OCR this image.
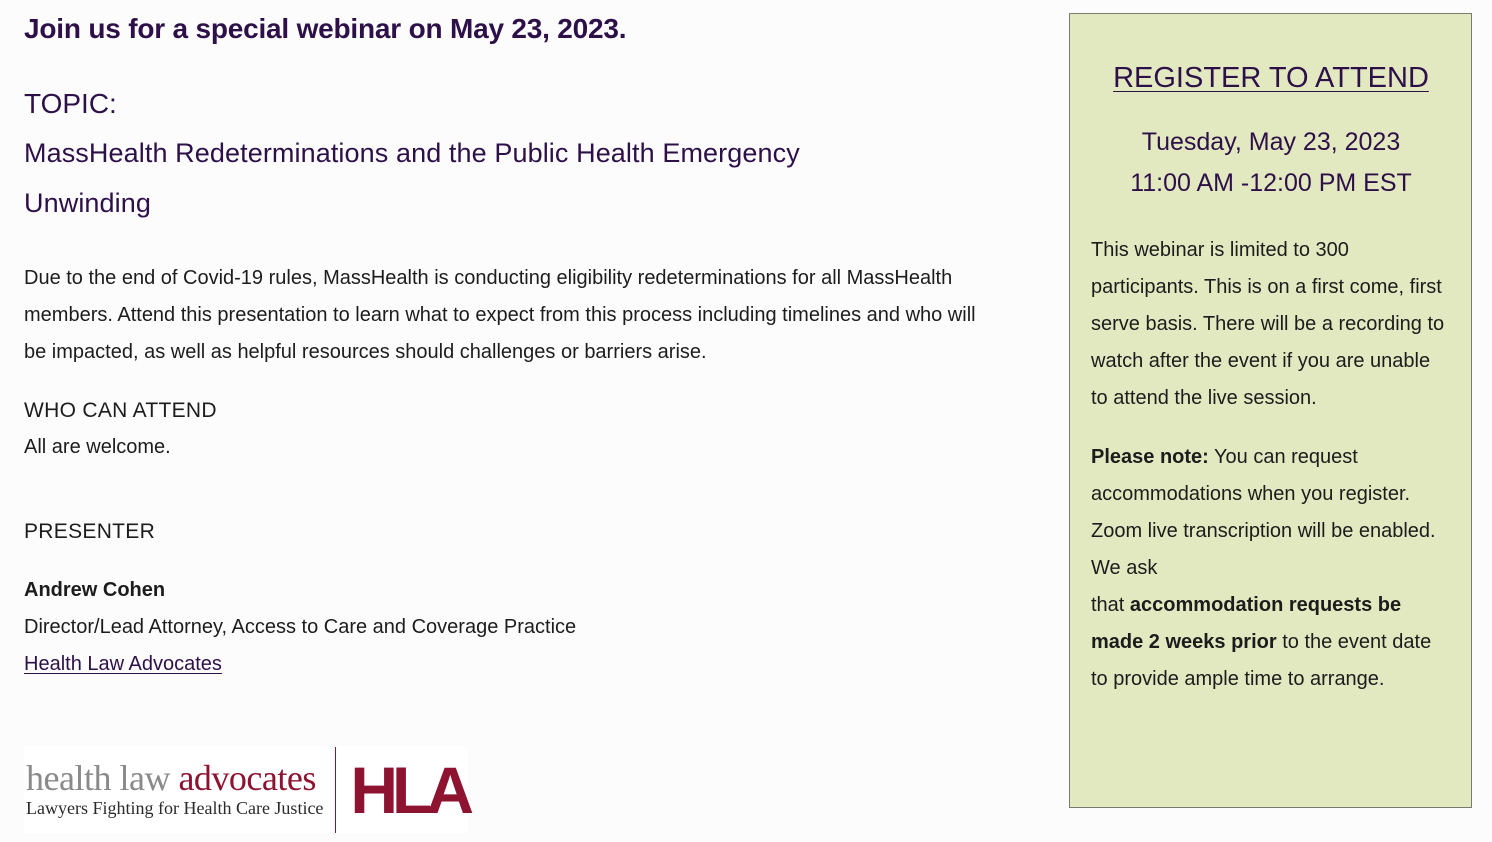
Join us for a special webinar on May 23, 2023.
TOPIC:
MassHealth Redeterminations and the Public Health Emergency
Unwinding

Due to the end of Covid-19 rules, MassHealth is conducting eligibility redeterminations for all MassHealth members. Attend this presentation to learn what to expect from this process including timelines and who will be impacted, as well as helpful resources should challenges or barriers arise.

WHO CAN ATTEND

All are welcome.

PRESENTER

Andrew Cohen

Director/Lead Attorney, Access to Care and Coverage Practice

Health Law Advocates
health law advocates
Lawyers Fighting for Health Care Justice HLA
REGISTER TO ATTEND

Tuesday, May 23, 2023

11:00 AM -12:00 PM EST

This webinar is limited to 300 participants. This is on a first come, first serve basis. There will be a recording to watch after the event if you are unable to attend the live session.

Please note: You can request accommodations when you register. Zoom live transcription will be enabled. We ask
that accommodation requests be made 2 weeks prior to the event date to provide ample time to arrange.
